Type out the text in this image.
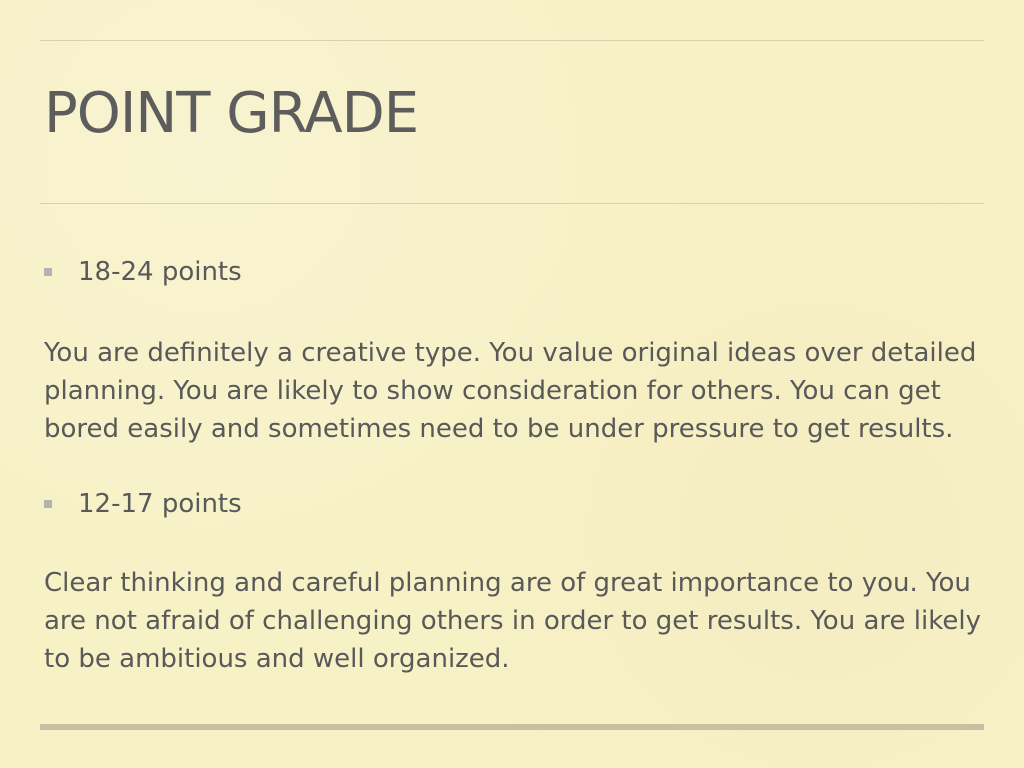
POINT GRADE
18-24 points

You are definitely a creative type. You value original ideas over detailed planning. You are likely to show consideration for others. You can get bored easily and sometimes need to be under pressure to get results.

12-17 points

Clear thinking and careful planning are of great importance to you. You are not afraid of challenging others in order to get results. You are likely to be ambitious and well organized.
